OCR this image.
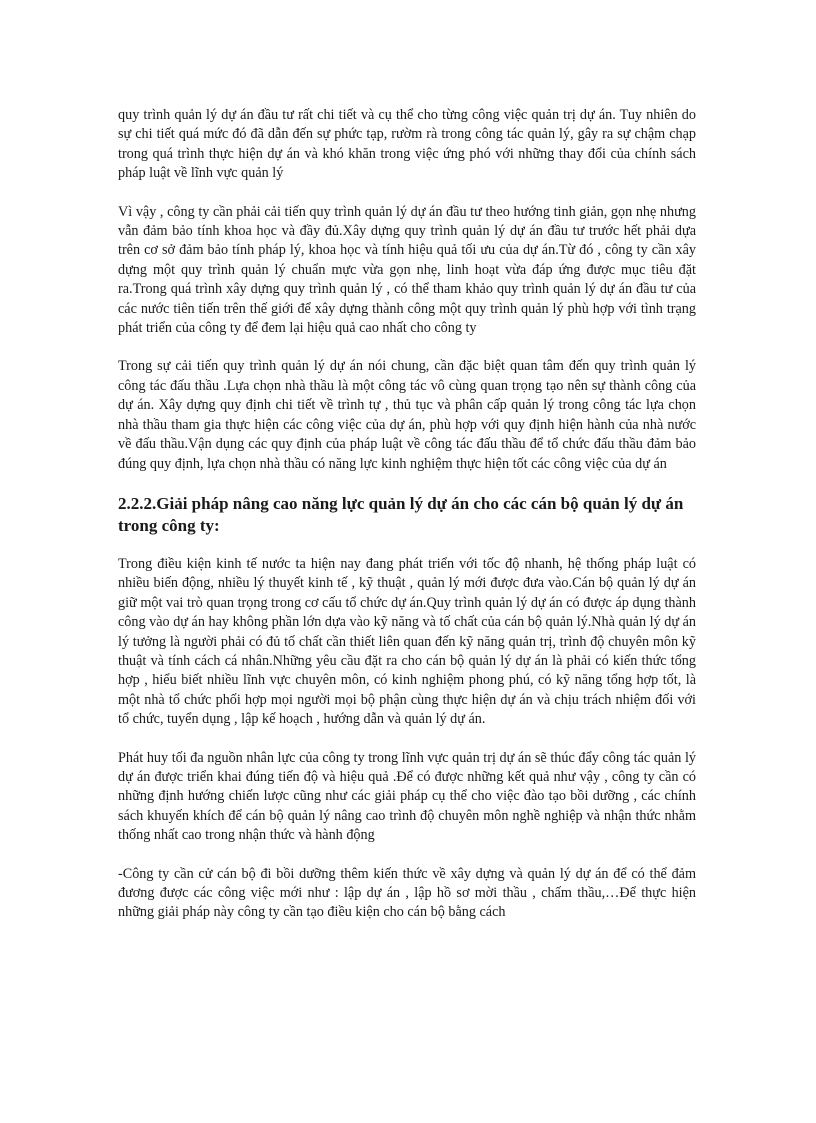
quy trình quản lý dự án đầu tư rất chi tiết và cụ thể cho từng công việc quản trị dự án. Tuy nhiên do sự chi tiết quá mức đó đã dẫn đến sự phức tạp, rườm rà trong công tác quản lý, gây ra sự chậm chạp trong quá trình thực hiện dự án và khó khăn trong việc ứng phó với những thay đổi của chính sách pháp luật về lĩnh vực quản lý

Vì vậy , công ty cần phải cải tiến quy trình quản lý dự án đầu tư theo hướng tinh giản, gọn nhẹ nhưng vẫn đảm bảo tính khoa học và đầy đủ.Xây dựng quy trình quản lý dự án đầu tư trước hết phải dựa trên cơ sở đảm bảo tính pháp lý, khoa học và tính hiệu quả tối ưu của dự án.Từ đó , công ty cần xây dựng một quy trình quản lý chuẩn mực vừa gọn nhẹ, linh hoạt vừa đáp ứng được mục tiêu đặt ra.Trong quá trình xây dựng quy trình quản lý , có thể tham khảo quy trình quản lý dự án đầu tư của các nước tiên tiến trên thế giới để xây dựng thành công một quy trình quản lý phù hợp với tình trạng phát triển của công ty để đem lại hiệu quả cao nhất cho công ty

Trong sự cải tiến quy trình quản lý dự án nói chung, cần đặc biệt quan tâm đến quy trình quản lý công tác đấu thầu .Lựa chọn nhà thầu là một công tác vô cùng quan trọng tạo nên sự thành công của dự án. Xây dựng quy định chi tiết về trình tự , thủ tục và phân cấp quản lý trong công tác lựa chọn nhà thầu tham gia thực hiện các công việc của dự án, phù hợp với quy định hiện hành của nhà nước về đấu thầu.Vận dụng các quy định của pháp luật về công tác đấu thầu để tổ chức đấu thầu đảm bảo đúng quy định, lựa chọn nhà thầu có năng lực kinh nghiệm thực hiện tốt các công việc của dự án

2.2.2.Giải pháp nâng cao năng lực quản lý dự án cho các cán bộ quản lý dự án trong công ty:

Trong điều kiện kinh tế nước ta hiện nay đang phát triển với tốc độ nhanh, hệ thống pháp luật có nhiều biến động, nhiều lý thuyết kinh tế , kỹ thuật , quản lý mới được đưa vào.Cán bộ quản lý dự án giữ một vai trò quan trọng trong cơ cấu tổ chức dự án.Quy trình quản lý dự án có được áp dụng thành công vào dự án hay không phần lớn dựa vào kỹ năng và tố chất của cán bộ quản lý.Nhà quản lý dự án lý tưởng là người phải có đủ tố chất cần thiết liên quan đến kỹ năng quản trị, trình độ chuyên môn kỹ thuật và tính cách cá nhân.Những yêu cầu đặt ra cho cán bộ quản lý dự án là phải có kiến thức tổng hợp , hiểu biết nhiều lĩnh vực chuyên môn, có kinh nghiệm phong phú, có kỹ năng tổng hợp tốt, là một nhà tổ chức phối hợp mọi người mọi bộ phận cùng thực hiện dự án và chịu trách nhiệm đối với tổ chức, tuyển dụng , lập kế hoạch , hướng dẫn và quản lý dự án.

Phát huy tối đa nguồn nhân lực của công ty trong lĩnh vực quản trị dự án sẽ thúc đẩy công tác quản lý dự án được triển khai đúng tiến độ và hiệu quả .Để có được những kết quả như vậy , công ty cần có những định hướng chiến lược cũng như các giải pháp cụ thể cho việc đào tạo bồi dưỡng , các chính sách khuyến khích để cán bộ quản lý nâng cao trình độ chuyên môn nghề nghiệp và nhận thức nhằm thống nhất cao trong nhận thức và hành động

-Công ty cần cử cán bộ đi bồi dưỡng thêm kiến thức về xây dựng và quản lý dự án để có thể đảm đương được các công việc mới như : lập dự án , lập hồ sơ mời thầu , chấm thầu,…Để thực hiện những giải pháp này công ty cần tạo điều kiện cho cán bộ bằng cách
